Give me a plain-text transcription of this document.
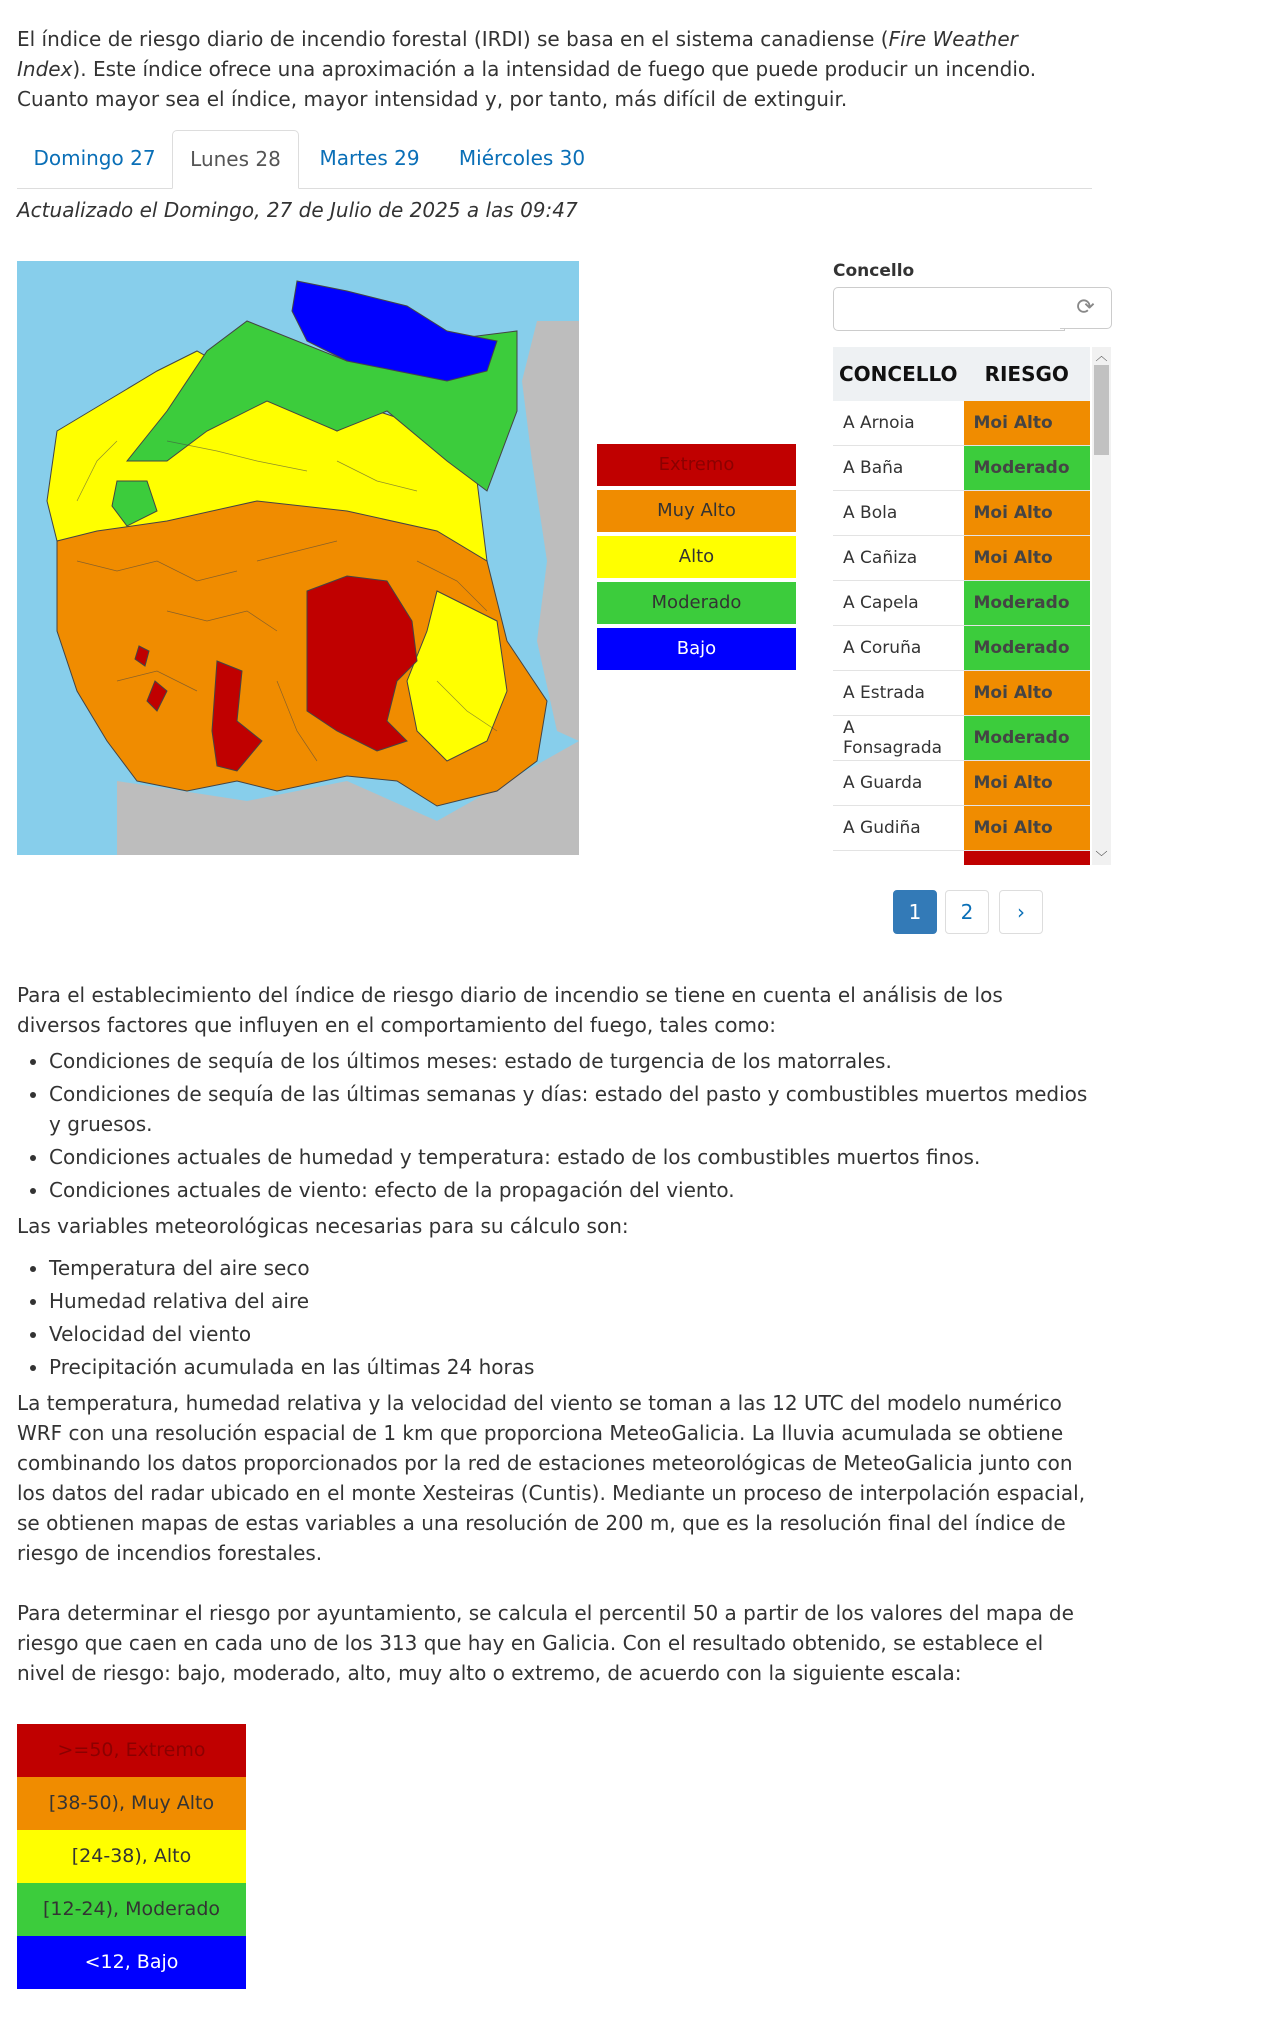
El índice de riesgo diario de incendio forestal (IRDI) se basa en el sistema canadiense (Fire Weather Index). Este índice ofrece una aproximación a la intensidad de fuego que puede producir un incendio. Cuanto mayor sea el índice, mayor intensidad y, por tanto, más difícil de extinguir.

Domingo 27	Lunes 28	Martes 29	Miércoles 30
Actualizado el Domingo, 27 de Julio de 2025 a las 09:47
Extremo
Muy Alto
Alto
Moderado
Bajo
Concello
⟳
CONCELLO	RIESGO
A Arnoia	Moi Alto
A Baña	Moderado
A Bola	Moi Alto
A Cañiza	Moi Alto
A Capela	Moderado
A Coruña	Moderado
A Estrada	Moi Alto
A Fonsagrada	Moderado
A Guarda	Moi Alto
A Gudiña	Moi Alto

︿
﹀
1	2	›

Para el establecimiento del índice de riesgo diario de incendio se tiene en cuenta el análisis de los diversos factores que influyen en el comportamiento del fuego, tales como:

• Condiciones de sequía de los últimos meses: estado de turgencia de los matorrales.
• Condiciones de sequía de las últimas semanas y días: estado del pasto y combustibles muertos medios y gruesos.
• Condiciones actuales de humedad y temperatura: estado de los combustibles muertos finos.
• Condiciones actuales de viento: efecto de la propagación del viento.

Las variables meteorológicas necesarias para su cálculo son:

• Temperatura del aire seco
• Humedad relativa del aire
• Velocidad del viento
• Precipitación acumulada en las últimas 24 horas

La temperatura, humedad relativa y la velocidad del viento se toman a las 12 UTC del modelo numérico WRF con una resolución espacial de 1 km que proporciona MeteoGalicia. La lluvia acumulada se obtiene combinando los datos proporcionados por la red de estaciones meteorológicas de MeteoGalicia junto con los datos del radar ubicado en el monte Xesteiras (Cuntis). Mediante un proceso de interpolación espacial, se obtienen mapas de estas variables a una resolución de 200 m, que es la resolución final del índice de riesgo de incendios forestales.

Para determinar el riesgo por ayuntamiento, se calcula el percentil 50 a partir de los valores del mapa de riesgo que caen en cada uno de los 313 que hay en Galicia. Con el resultado obtenido, se establece el nivel de riesgo: bajo, moderado, alto, muy alto o extremo, de acuerdo con la siguiente escala:

>=50, Extremo
[38-50), Muy Alto
[24-38), Alto
[12-24), Moderado
<12, Bajo
